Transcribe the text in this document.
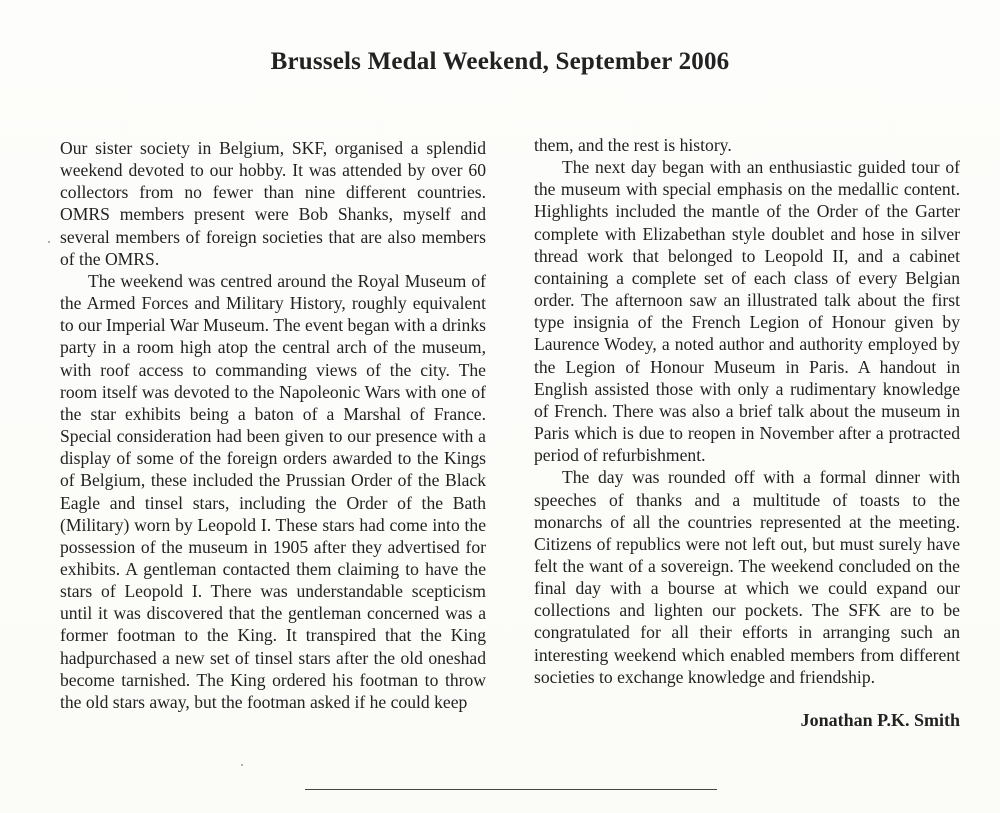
Brussels Medal Weekend, September 2006

Our sister society in Belgium, SKF, organised a splendid weekend devoted to our hobby. It was attended by over 60 collectors from no fewer than nine different countries. OMRS members present were Bob Shanks, myself and several members of foreign societies that are also members of the OMRS.

The weekend was centred around the Royal Museum of the Armed Forces and Military History, roughly equivalent to our Imperial War Museum. The event began with a drinks party in a room high atop the central arch of the museum, with roof access to commanding views of the city. The room itself was devoted to the Napoleonic Wars with one of the star exhibits being a baton of a Marshal of France. Special consideration had been given to our presence with a display of some of the foreign orders awarded to the Kings of Belgium, these included the Prussian Order of the Black Eagle and tinsel stars, including the Order of the Bath (Military) worn by Leopold I. These stars had come into the possession of the museum in 1905 after they advertised for exhibits. A gentleman contacted them claiming to have the stars of Leopold I. There was understandable scepticism until it was discovered that the gentleman concerned was a former footman to the King. It transpired that the King hadpurchased a new set of tinsel stars after the old oneshad become tarnished. The King ordered his footman to throw the old stars away, but the footman asked if he could keep

them, and the rest is history.

The next day began with an enthusiastic guided tour of the museum with special emphasis on the medallic content. Highlights included the mantle of the Order of the Garter complete with Elizabethan style doublet and hose in silver thread work that belonged to Leopold II, and a cabinet containing a complete set of each class of every Belgian order. The afternoon saw an illustrated talk about the first type insignia of the French Legion of Honour given by Laurence Wodey, a noted author and authority employed by the Legion of Honour Museum in Paris. A handout in English assisted those with only a rudimentary knowledge of French. There was also a brief talk about the museum in Paris which is due to reopen in November after a protracted period of refurbishment.

The day was rounded off with a formal dinner with speeches of thanks and a multitude of toasts to the monarchs of all the countries represented at the meeting. Citizens of republics were not left out, but must surely have felt the want of a sovereign. The weekend concluded on the final day with a bourse at which we could expand our collections and lighten our pockets. The SFK are to be congratulated for all their efforts in arranging such an interesting weekend which enabled members from different societies to exchange knowledge and friendship.

Jonathan P.K. Smith
